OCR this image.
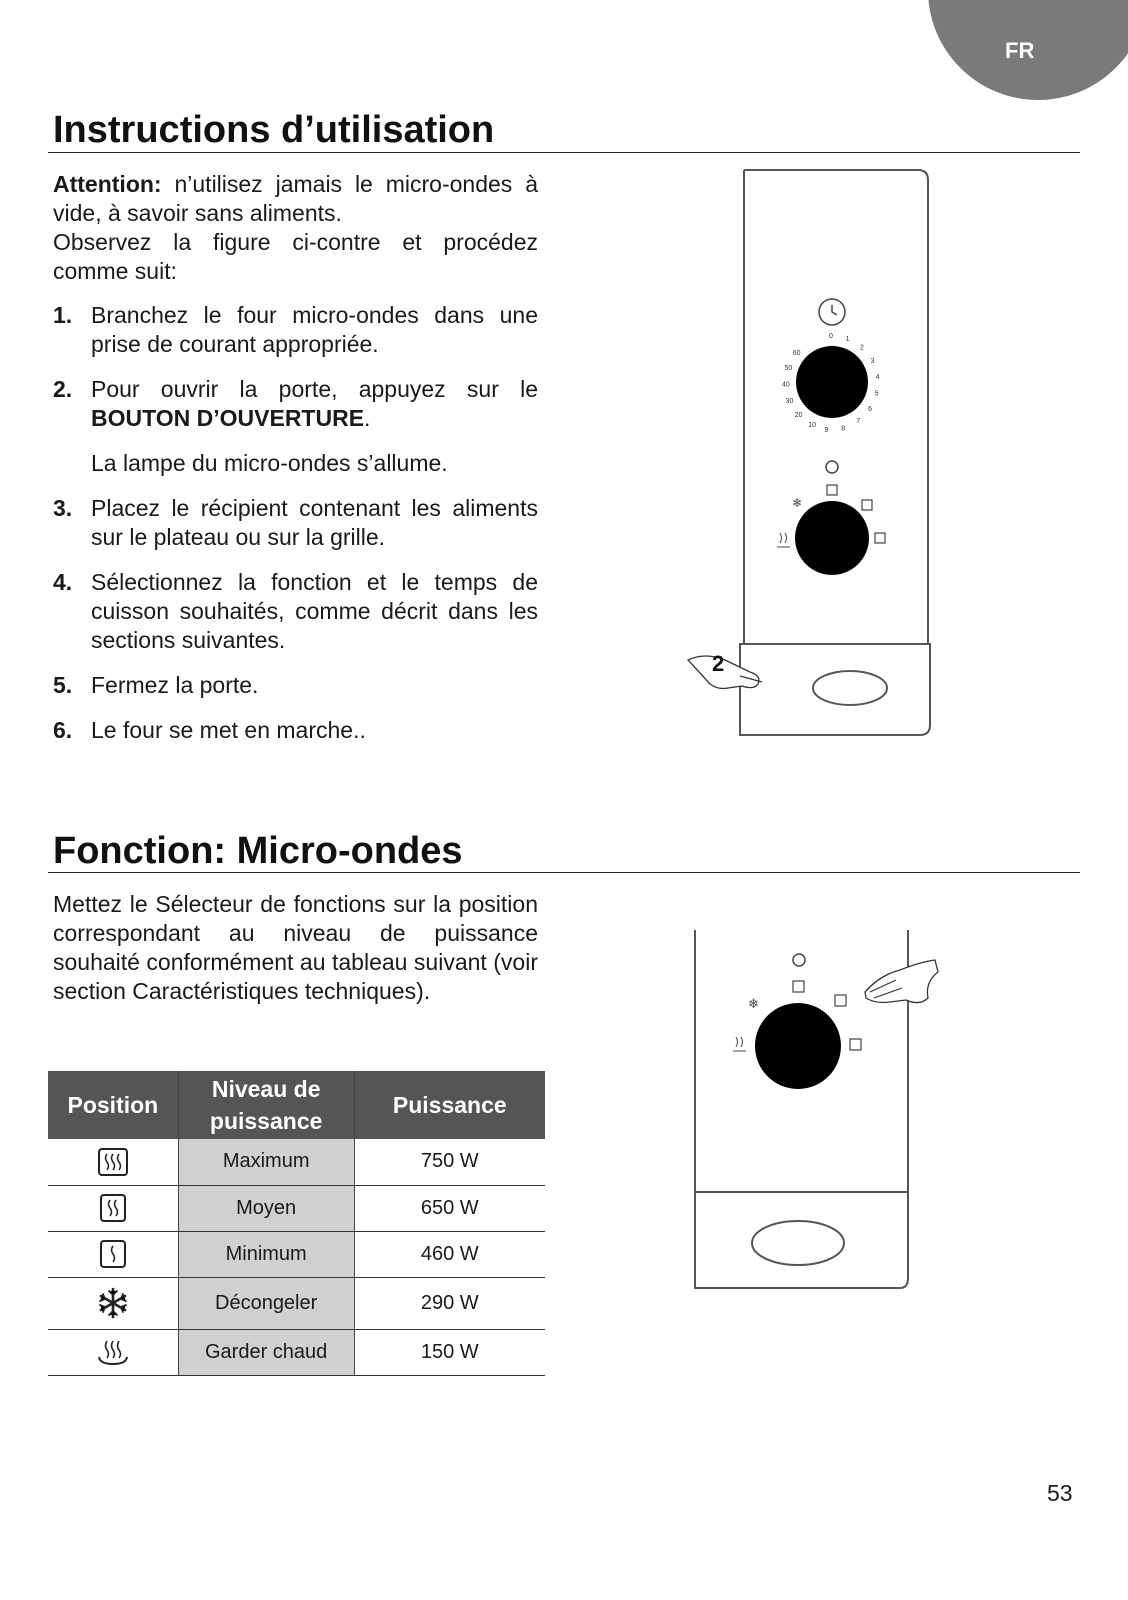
FR
Instructions d’utilisation

Attention: n’utilisez jamais le micro-ondes à vide, à savoir sans aliments.

Observez la figure ci-contre et procédez comme suit:

1. Branchez le four micro-ondes dans une prise de courant appropriée.
2. Pour ouvrir la porte, appuyez sur le BOUTON D’OUVERTURE.
La lampe du micro-ondes s’allume.
3. Placez le récipient contenant les aliments sur le plateau ou sur la grille.
4. Sélectionnez la fonction et le temps de cuisson souhaités, comme décrit dans les sections suivantes.
5. Fermez la porte.
6. Le four se met en marche..
0 1
2
3
4
5
6
7
8
9
10
20
30
40
50
60
❄
2
Fonction: Micro-ondes

Mettez le Sélecteur de fonctions sur la position correspondant au niveau de puissance souhaité conformément au tableau suivant (voir section Caractéristiques techniques).

Position	Niveau de puissance	Puissance
	Maximum	750 W
	Moyen	650 W
	Minimum	460 W
	Décongeler	290 W
	Garder chaud	150 W
❄
53
